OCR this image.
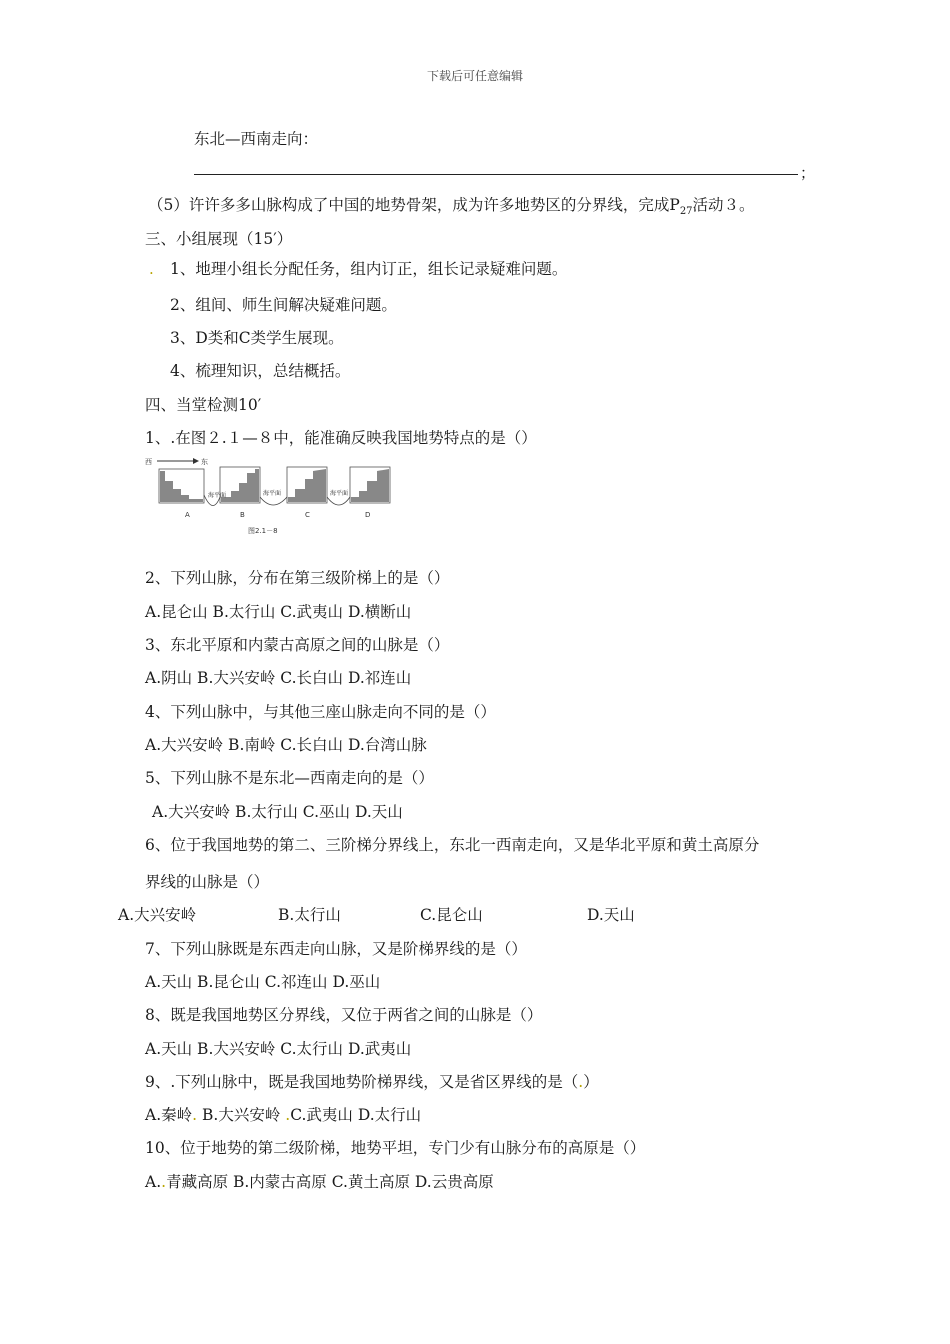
下载后可任意编辑
东北—西南走向：
；
（5）许许多多山脉构成了中国的地势骨架，成为许多地势区的分界线，完成$P_{27}$活动３。
三、小组展现（15′）
. 1、地理小组长分配任务，组内订正，组长记录疑难问题。
2、组间、师生间解决疑难问题。
3、D类和C类学生展现。
4、梳理知识，总结概括。
四、当堂检测10′
1、.在图２.１—８中，能准确反映我国地势特点的是（）
西	东
海平面	海平面	海平面
A	B	C	D
图2.1－8
2、下列山脉，分布在第三级阶梯上的是（）
A.昆仑山 B.太行山 C.武夷山 D.横断山
3、东北平原和内蒙古高原之间的山脉是（）
A.阴山 B.大兴安岭 C.长白山 D.祁连山
4、下列山脉中，与其他三座山脉走向不同的是（）
A.大兴安岭 B.南岭 C.长白山 D.台湾山脉
5、下列山脉不是东北—西南走向的是（）
A.大兴安岭 B.太行山 C.巫山 D.天山
6、位于我国地势的第二、三阶梯分界线上，东北一西南走向，又是华北平原和黄土高原分
界线的山脉是（）
A.大兴安岭	B.太行山	C.昆仑山	D.天山
7、下列山脉既是东西走向山脉，又是阶梯界线的是（）
A.天山 B.昆仑山 C.祁连山 D.巫山
8、既是我国地势区分界线，又位于两省之间的山脉是（）
A.天山 B.大兴安岭 C.太行山 D.武夷山
9、.下列山脉中，既是我国地势阶梯界线，又是省区界线的是（.）
A.秦岭. B.大兴安岭 .C.武夷山 D.太行山
10、位于地势的第二级阶梯，地势平坦，专门少有山脉分布的高原是（）
A..青藏高原 B.内蒙古高原 C.黄土高原 D.云贵高原
